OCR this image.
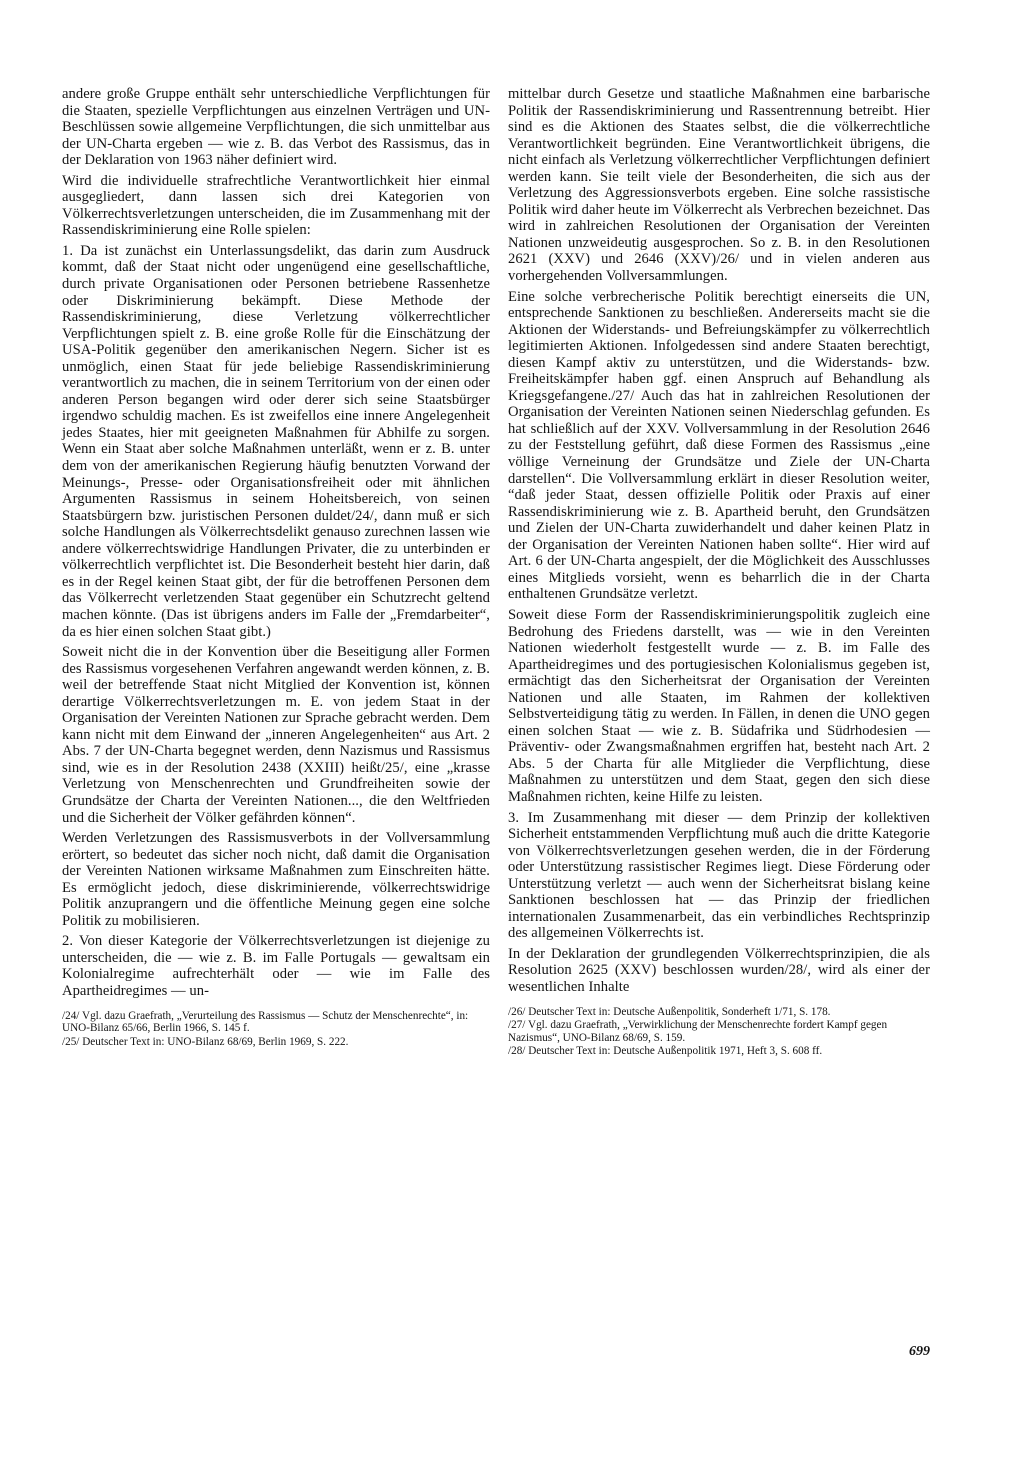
andere große Gruppe enthält sehr unterschiedliche Verpflichtungen für die Staaten, spezielle Verpflichtungen aus einzelnen Verträgen und UN-Beschlüssen sowie allgemeine Verpflichtungen, die sich unmittelbar aus der UN-Charta ergeben — wie z. B. das Verbot des Rassismus, das in der Deklaration von 1963 näher definiert wird.

Wird die individuelle strafrechtliche Verantwortlichkeit hier einmal ausgegliedert, dann lassen sich drei Kategorien von Völkerrechtsverletzungen unterscheiden, die im Zusammenhang mit der Rassendiskriminierung eine Rolle spielen:

1. Da ist zunächst ein Unterlassungsdelikt, das darin zum Ausdruck kommt, daß der Staat nicht oder ungenügend eine gesellschaftliche, durch private Organisationen oder Personen betriebene Rassenhetze oder Diskriminierung bekämpft. Diese Methode der Rassendiskriminierung, diese Verletzung völkerrechtlicher Verpflichtungen spielt z. B. eine große Rolle für die Einschätzung der USA-Politik gegenüber den amerikanischen Negern. Sicher ist es unmöglich, einen Staat für jede beliebige Rassendiskriminierung verantwortlich zu machen, die in seinem Territorium von der einen oder anderen Person begangen wird oder derer sich seine Staatsbürger irgendwo schuldig machen. Es ist zweifellos eine innere Angelegenheit jedes Staates, hier mit geeigneten Maßnahmen für Abhilfe zu sorgen. Wenn ein Staat aber solche Maßnahmen unterläßt, wenn er z. B. unter dem von der amerikanischen Regierung häufig benutzten Vorwand der Meinungs-, Presse- oder Organisationsfreiheit oder mit ähnlichen Argumenten Rassismus in seinem Hoheitsbereich, von seinen Staatsbürgern bzw. juristischen Personen duldet/24/, dann muß er sich solche Handlungen als Völkerrechtsdelikt genauso zurechnen lassen wie andere völkerrechtswidrige Handlungen Privater, die zu unterbinden er völkerrechtlich verpflichtet ist. Die Besonderheit besteht hier darin, daß es in der Regel keinen Staat gibt, der für die betroffenen Personen dem das Völkerrecht verletzenden Staat gegenüber ein Schutzrecht geltend machen könnte. (Das ist übrigens anders im Falle der „Fremdarbeiter“, da es hier einen solchen Staat gibt.)

Soweit nicht die in der Konvention über die Beseitigung aller Formen des Rassismus vorgesehenen Verfahren angewandt werden können, z. B. weil der betreffende Staat nicht Mitglied der Konvention ist, können derartige Völkerrechtsverletzungen m. E. von jedem Staat in der Organisation der Vereinten Nationen zur Sprache gebracht werden. Dem kann nicht mit dem Einwand der „inneren Angelegenheiten“ aus Art. 2 Abs. 7 der UN-Charta begegnet werden, denn Nazismus und Rassismus sind, wie es in der Resolution 2438 (XXIII) heißt/25/, eine „krasse Verletzung von Menschenrechten und Grundfreiheiten sowie der Grundsätze der Charta der Vereinten Nationen..., die den Weltfrieden und die Sicherheit der Völker gefährden können“.

Werden Verletzungen des Rassismusverbots in der Vollversammlung erörtert, so bedeutet das sicher noch nicht, daß damit die Organisation der Vereinten Nationen wirksame Maßnahmen zum Einschreiten hätte. Es ermöglicht jedoch, diese diskriminierende, völkerrechtswidrige Politik anzuprangern und die öffentliche Meinung gegen eine solche Politik zu mobilisieren.

2. Von dieser Kategorie der Völkerrechtsverletzungen ist diejenige zu unterscheiden, die — wie z. B. im Falle Portugals — gewaltsam ein Kolonialregime aufrechterhält oder — wie im Falle des Apartheidregimes — un-

/24/ Vgl. dazu Graefrath, „Verurteilung des Rassismus — Schutz der Menschenrechte“, in: UNO-Bilanz 65/66, Berlin 1966, S. 145 f.

/25/ Deutscher Text in: UNO-Bilanz 68/69, Berlin 1969, S. 222.

mittelbar durch Gesetze und staatliche Maßnahmen eine barbarische Politik der Rassendiskriminierung und Rassentrennung betreibt. Hier sind es die Aktionen des Staates selbst, die die völkerrechtliche Verantwortlichkeit begründen. Eine Verantwortlichkeit übrigens, die nicht einfach als Verletzung völkerrechtlicher Verpflichtungen definiert werden kann. Sie teilt viele der Besonderheiten, die sich aus der Verletzung des Aggressionsverbots ergeben. Eine solche rassistische Politik wird daher heute im Völkerrecht als Verbrechen bezeichnet. Das wird in zahlreichen Resolutionen der Organisation der Vereinten Nationen unzweideutig ausgesprochen. So z. B. in den Resolutionen 2621 (XXV) und 2646 (XXV)/26/ und in vielen anderen aus vorhergehenden Vollversammlungen.

Eine solche verbrecherische Politik berechtigt einerseits die UN, entsprechende Sanktionen zu beschließen. Andererseits macht sie die Aktionen der Widerstands- und Befreiungskämpfer zu völkerrechtlich legitimierten Aktionen. Infolgedessen sind andere Staaten berechtigt, diesen Kampf aktiv zu unterstützen, und die Widerstands- bzw. Freiheitskämpfer haben ggf. einen Anspruch auf Behandlung als Kriegsgefangene./27/ Auch das hat in zahlreichen Resolutionen der Organisation der Vereinten Nationen seinen Niederschlag gefunden. Es hat schließlich auf der XXV. Vollversammlung in der Resolution 2646 zu der Feststellung geführt, daß diese Formen des Rassismus „eine völlige Verneinung der Grundsätze und Ziele der UN-Charta darstellen“. Die Vollversammlung erklärt in dieser Resolution weiter, “daß jeder Staat, dessen offizielle Politik oder Praxis auf einer Rassendiskriminierung wie z. B. Apartheid beruht, den Grundsätzen und Zielen der UN-Charta zuwiderhandelt und daher keinen Platz in der Organisation der Vereinten Nationen haben sollte“. Hier wird auf Art. 6 der UN-Charta angespielt, der die Möglichkeit des Ausschlusses eines Mitglieds vorsieht, wenn es beharrlich die in der Charta enthaltenen Grundsätze verletzt.

Soweit diese Form der Rassendiskriminierungspolitik zugleich eine Bedrohung des Friedens darstellt, was — wie in den Vereinten Nationen wiederholt festgestellt wurde — z. B. im Falle des Apartheidregimes und des portugiesischen Kolonialismus gegeben ist, ermächtigt das den Sicherheitsrat der Organisation der Vereinten Nationen und alle Staaten, im Rahmen der kollektiven Selbstverteidigung tätig zu werden. In Fällen, in denen die UNO gegen einen solchen Staat — wie z. B. Südafrika und Südrhodesien — Präventiv- oder Zwangsmaßnahmen ergriffen hat, besteht nach Art. 2 Abs. 5 der Charta für alle Mitglieder die Verpflichtung, diese Maßnahmen zu unterstützen und dem Staat, gegen den sich diese Maßnahmen richten, keine Hilfe zu leisten.

3. Im Zusammenhang mit dieser — dem Prinzip der kollektiven Sicherheit entstammenden Verpflichtung muß auch die dritte Kategorie von Völkerrechtsverletzungen gesehen werden, die in der Förderung oder Unterstützung rassistischer Regimes liegt. Diese Förderung oder Unterstützung verletzt — auch wenn der Sicherheitsrat bislang keine Sanktionen beschlossen hat — das Prinzip der friedlichen internationalen Zusammenarbeit, das ein verbindliches Rechtsprinzip des allgemeinen Völkerrechts ist.

In der Deklaration der grundlegenden Völkerrechtsprinzipien, die als Resolution 2625 (XXV) beschlossen wurden/28/, wird als einer der wesentlichen Inhalte

/26/ Deutscher Text in: Deutsche Außenpolitik, Sonderheft 1/71, S. 178.

/27/ Vgl. dazu Graefrath, „Verwirklichung der Menschenrechte fordert Kampf gegen Nazismus“, UNO-Bilanz 68/69, S. 159.

/28/ Deutscher Text in: Deutsche Außenpolitik 1971, Heft 3, S. 608 ff.

699
